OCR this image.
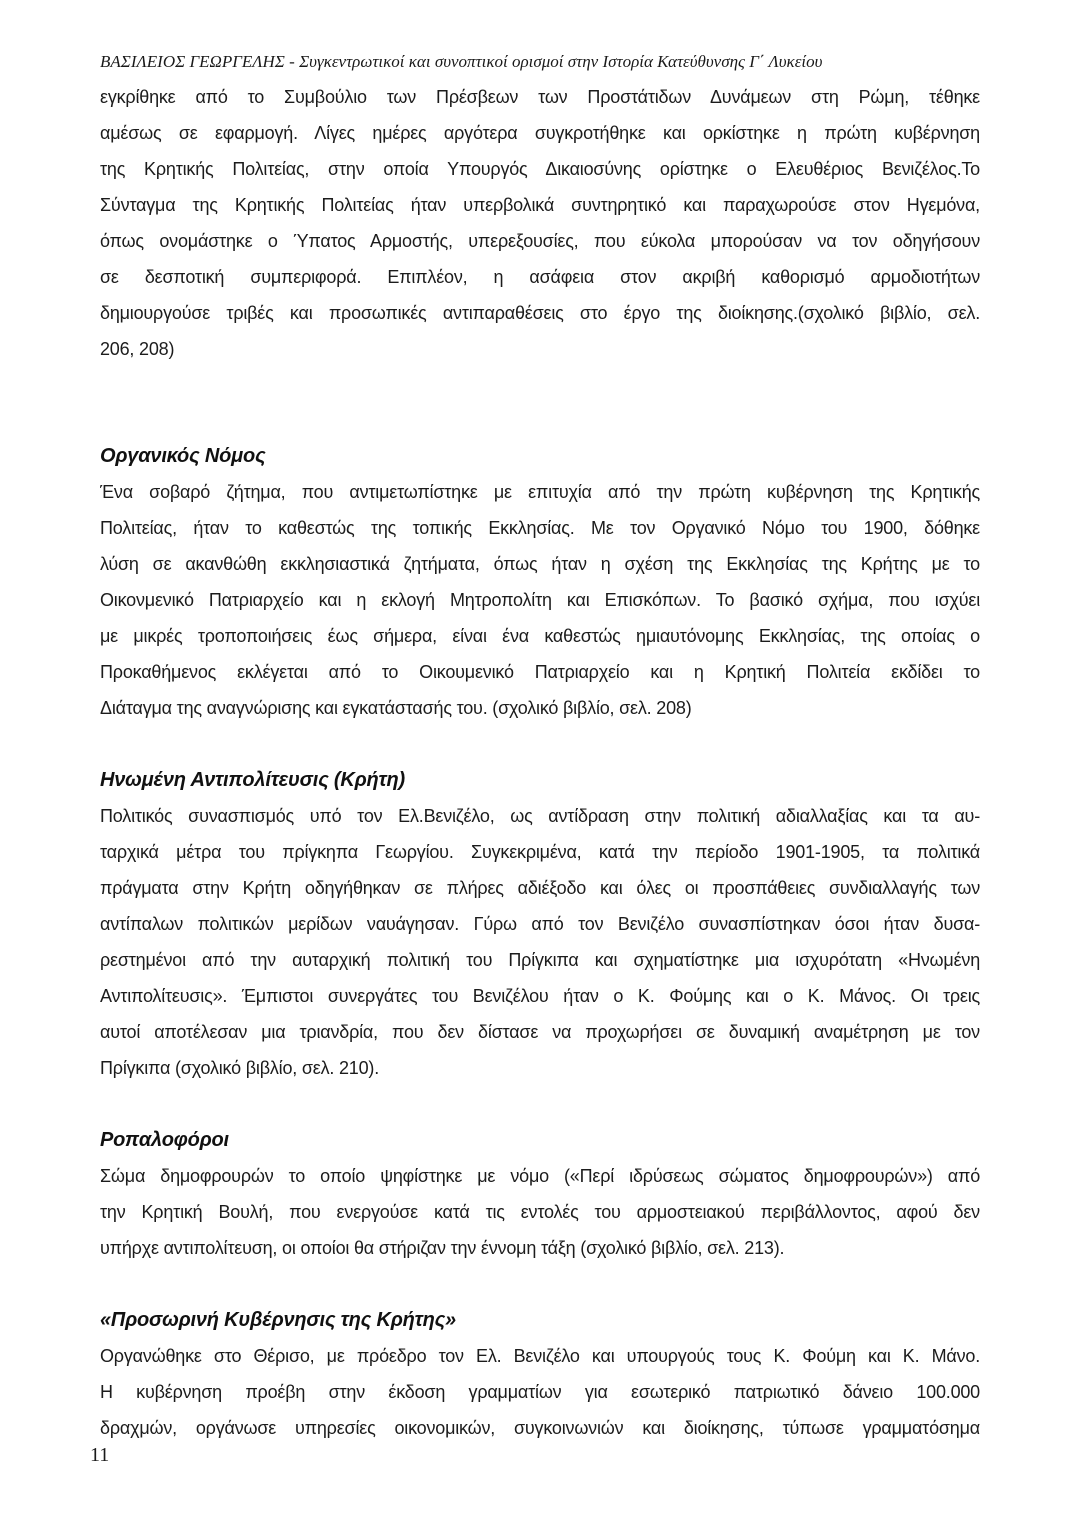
ΒΑΣΙΛΕΙΟΣ ΓΕΩΡΓΕΛΗΣ - Συγκεντρωτικοί και συνοπτικοί ορισμοί στην Ιστορία Κατεύθυνσης Γ΄ Λυκείου
εγκρίθηκε από το Συμβούλιο των Πρέσβεων των Προστάτιδων Δυνάμεων στη Ρώμη, τέθηκε
αμέσως σε εφαρμογή. Λίγες ημέρες αργότερα συγκροτήθηκε και ορκίστηκε η πρώτη κυβέρνηση
της Κρητικής Πολιτείας, στην οποία Υπουργός Δικαιοσύνης ορίστηκε ο Ελευθέριος Βενιζέλος.Το
Σύνταγμα της Κρητικής Πολιτείας ήταν υπερβολικά συντηρητικό και παραχωρούσε στον Ηγεμόνα,
όπως ονομάστηκε ο Ύπατος Αρμοστής, υπερεξουσίες, που εύκολα μπορούσαν να τον οδηγήσουν
σε δεσποτική συμπεριφορά. Επιπλέον, η ασάφεια στον ακριβή καθορισμό αρμοδιοτήτων
δημιουργούσε τριβές και προσωπικές αντιπαραθέσεις στο έργο της διοίκησης.(σχολικό βιβλίο, σελ.
206, 208)
Οργανικός Νόμος
Ένα σοβαρό ζήτημα, που αντιμετωπίστηκε με επιτυχία από την πρώτη κυβέρνηση της Κρητικής
Πολιτείας, ήταν το καθεστώς της τοπικής Εκκλησίας. Με τον Οργανικό Νόμο του 1900, δόθηκε
λύση σε ακανθώθη εκκλησιαστικά ζητήματα, όπως ήταν η σχέση της Εκκλησίας της Κρήτης με το
Οικονμενικό Πατριαρχείο και η εκλογή Μητροπολίτη και Επισκόπων. Το βασικό σχήμα, που ισχύει
με μικρές τροποποιήσεις έως σήμερα, είναι ένα καθεστώς ημιαυτόνομης Εκκλησίας, της οποίας ο
Προκαθήμενος εκλέγεται από το Οικουμενικό Πατριαρχείο και η Κρητική Πολιτεία εκδίδει το
Διάταγμα της αναγνώρισης και εγκατάστασής του. (σχολικό βιβλίο, σελ. 208)
Ηνωμένη Αντιπολίτευσις (Κρήτη)
Πολιτικός συνασπισμός υπό τον Ελ.Βενιζέλο, ως αντίδραση στην πολιτική αδιαλλαξίας και τα αυ-
ταρχικά μέτρα του πρίγκηπα Γεωργίου. Συγκεκριμένα, κατά την περίοδο 1901-1905, τα πολιτικά
πράγματα στην Κρήτη οδηγήθηκαν σε πλήρες αδιέξοδο και όλες οι προσπάθειες συνδιαλλαγής των
αντίπαλων πολιτικών μερίδων ναυάγησαν. Γύρω από τον Βενιζέλο συνασπίστηκαν όσοι ήταν δυσα-
ρεστημένοι από την αυταρχική πολιτική του Πρίγκιπα και σχηματίστηκε μια ισχυρότατη «Ηνωμένη
Αντιπολίτευσις». Έμπιστοι συνεργάτες του Βενιζέλου ήταν ο Κ. Φούμης και ο Κ. Μάνος. Οι τρεις
αυτοί αποτέλεσαν μια τριανδρία, που δεν δίστασε να προχωρήσει σε δυναμική αναμέτρηση με τον
Πρίγκιπα (σχολικό βιβλίο, σελ. 210).
Ροπαλοφόροι
Σώμα δημοφρουρών το οποίο ψηφίστηκε με νόμο («Περί ιδρύσεως σώματος δημοφρουρών») από
την Κρητική Βουλή, που ενεργούσε κατά τις εντολές του αρμοστειακού περιβάλλοντος, αφού δεν
υπήρχε αντιπολίτευση, οι οποίοι θα στήριζαν την έννομη τάξη (σχολικό βιβλίο, σελ. 213).
«Προσωρινή Κυβέρνησις της Κρήτης»
Οργανώθηκε στο Θέρισο, με πρόεδρο τον Ελ. Βενιζέλο και υπουργούς τους Κ. Φούμη και Κ. Μάνο.
Η κυβέρνηση προέβη στην έκδοση γραμματίων για εσωτερικό πατριωτικό δάνειο 100.000
δραχμών, οργάνωσε υπηρεσίες οικονομικών, συγκοινωνιών και διοίκησης, τύπωσε γραμματόσημα
11
